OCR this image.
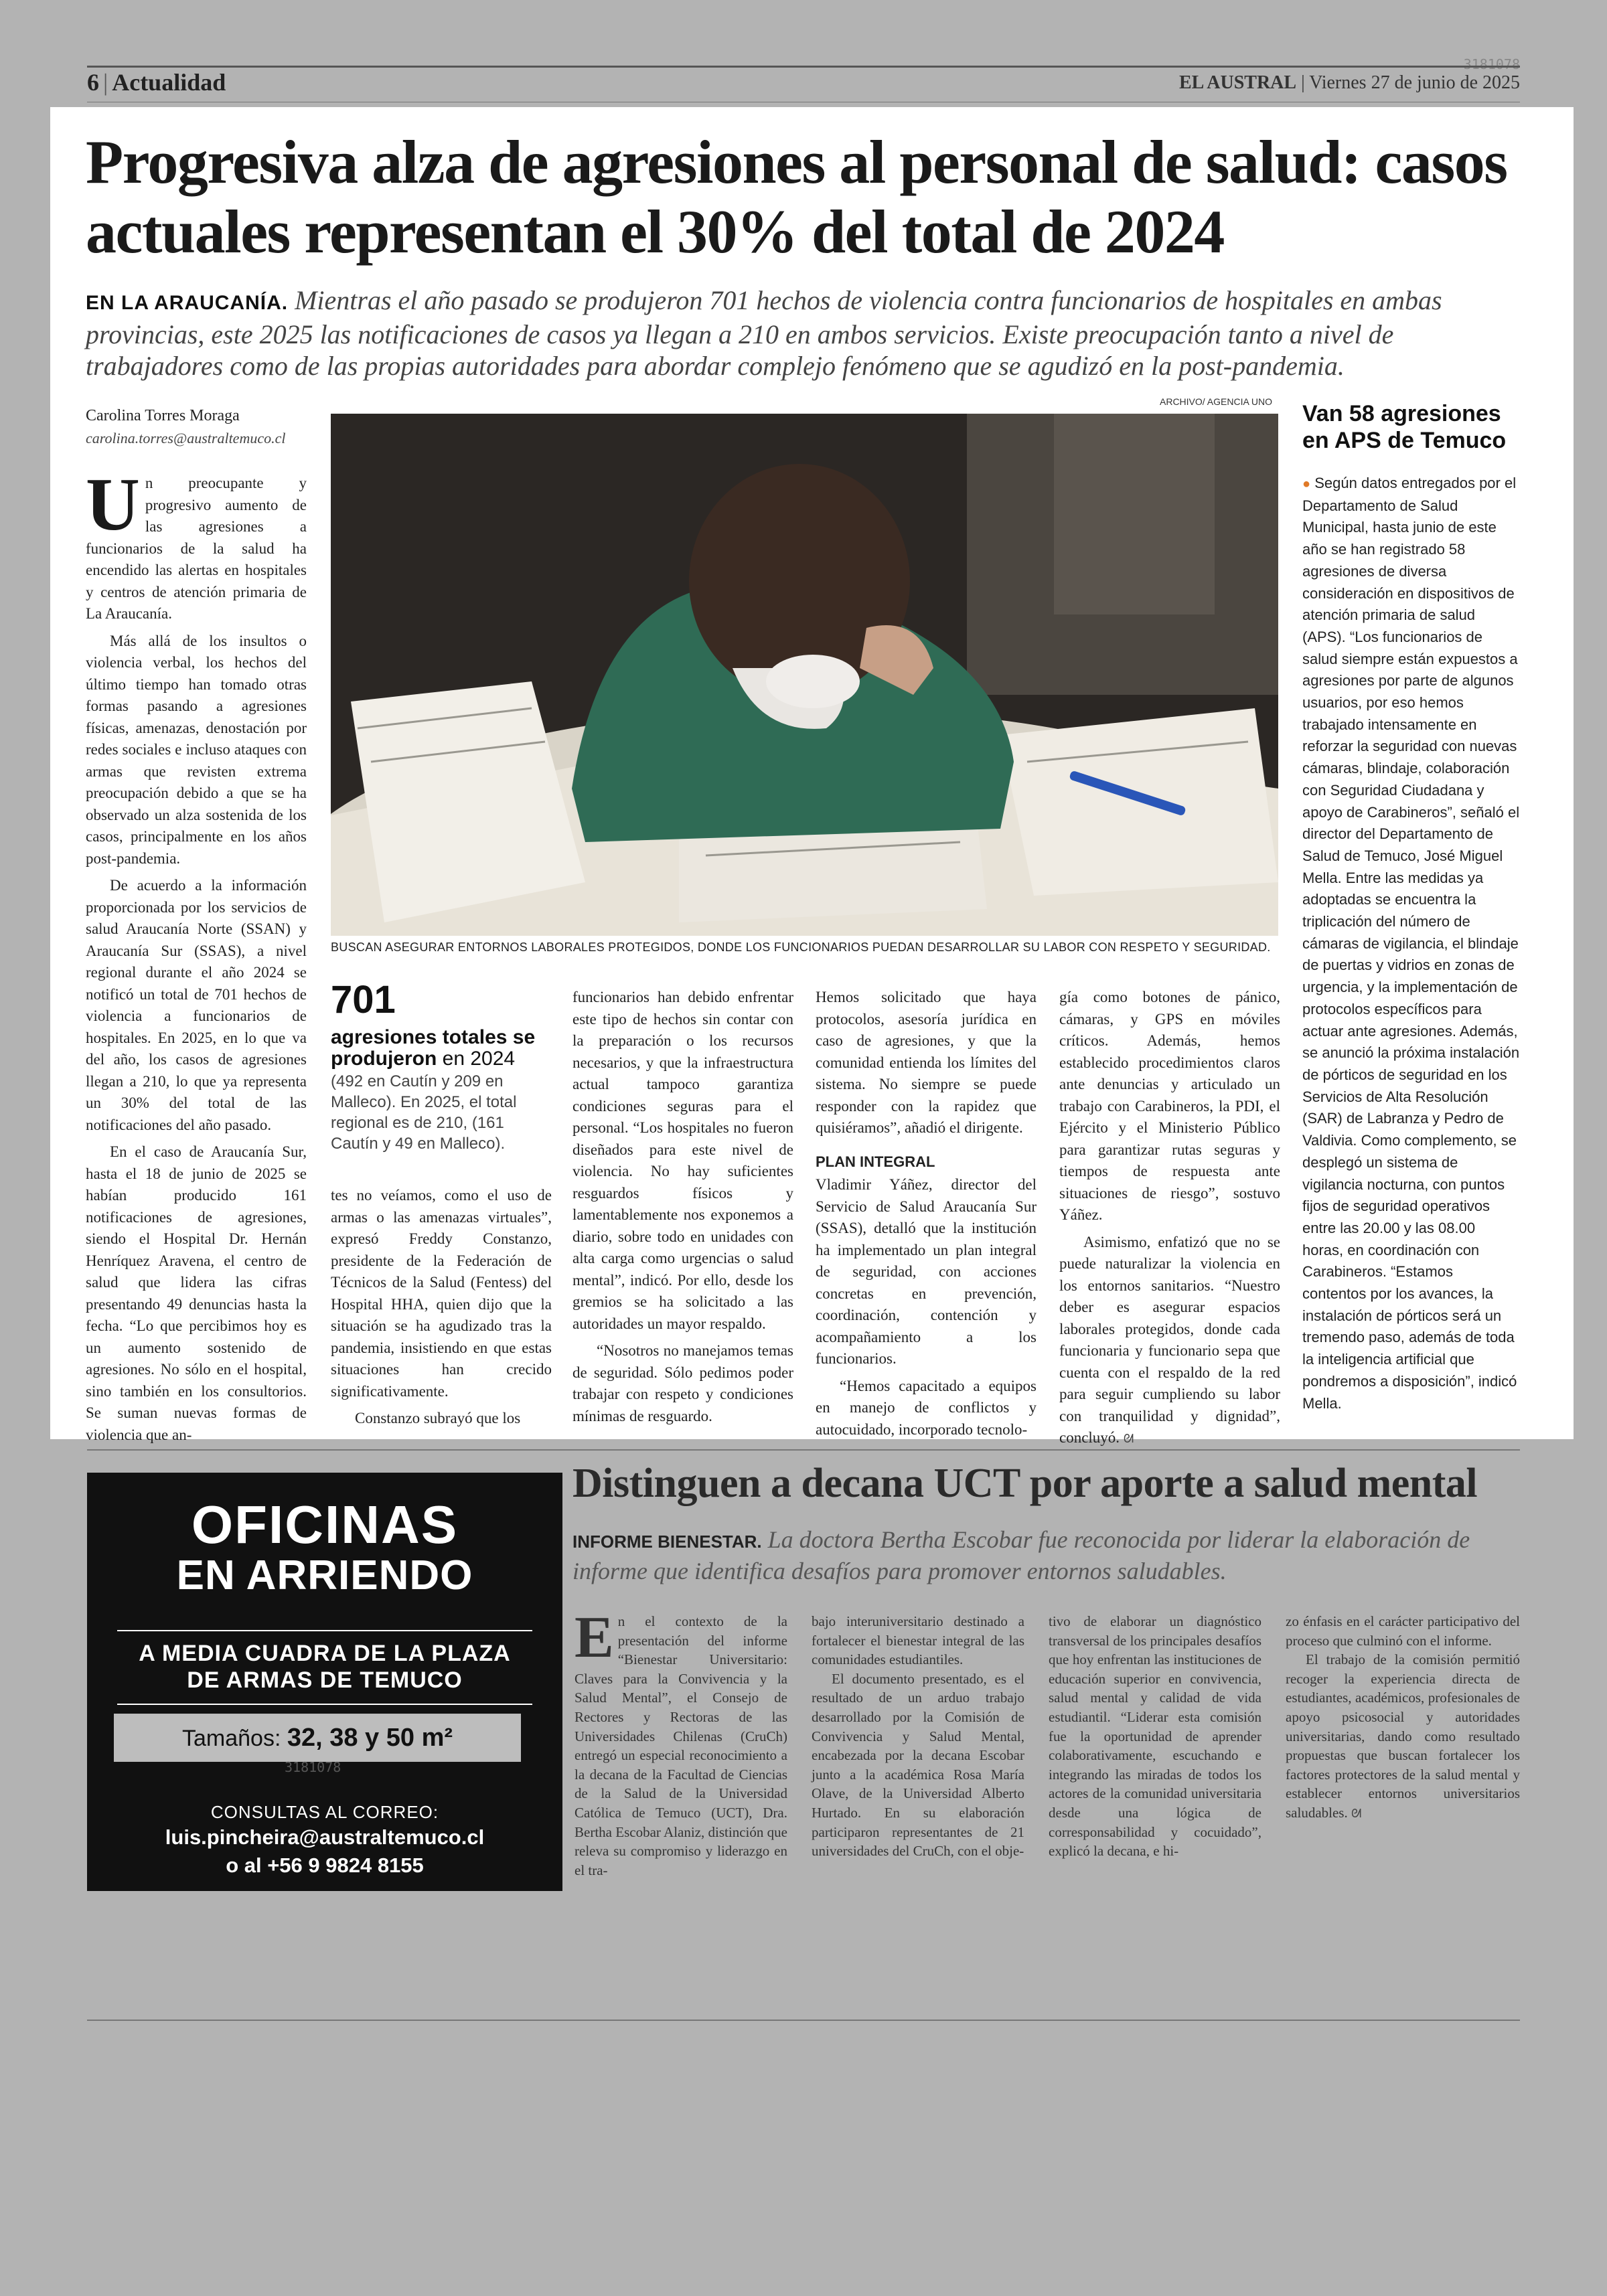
3181078
6 | Actualidad	EL AUSTRAL | Viernes 27 de junio de 2025
Progresiva alza de agresiones al personal de salud: casos actuales representan el 30% del total de 2024
EN LA ARAUCANÍA. Mientras el año pasado se produjeron 701 hechos de violencia contra funcionarios de hospitales en ambas provincias, este 2025 las notificaciones de casos ya llegan a 210 en ambos servicios. Existe preocupación tanto a nivel de trabajadores como de las propias autoridades para abordar complejo fenómeno que se agudizó en la post-pandemia.
Carolina Torres Moraga
carolina.torres@australtemuco.cl

Un preocupante y progresivo aumento de las agresiones a funcionarios de la salud ha encendido las alertas en hospitales y centros de atención primaria de La Araucanía.

Más allá de los insultos o violencia verbal, los hechos del último tiempo han tomado otras formas pasando a agresiones físicas, amenazas, denostación por redes sociales e incluso ataques con armas que revisten extrema preocupación debido a que se ha observado un alza sostenida de los casos, principalmente en los años post-pandemia.

De acuerdo a la información proporcionada por los servicios de salud Araucanía Norte (SSAN) y Araucanía Sur (SSAS), a nivel regional durante el año 2024 se notificó un total de 701 hechos de violencia a funcionarios de hospitales. En 2025, en lo que va del año, los casos de agresiones llegan a 210, lo que ya representa un 30% del total de las notificaciones del año pasado.

En el caso de Araucanía Sur, hasta el 18 de junio de 2025 se habían producido 161 notificaciones de agresiones, siendo el Hospital Dr. Hernán Henríquez Aravena, el centro de salud que lidera las cifras presentando 49 denuncias hasta la fecha. “Lo que percibimos hoy es un aumento sostenido de agresiones. No sólo en el hospital, sino también en los consultorios. Se suman nuevas formas de violencia que an-

ARCHIVO/ AGENCIA UNO
BUSCAN ASEGURAR ENTORNOS LABORALES PROTEGIDOS, DONDE LOS FUNCIONARIOS PUEDAN DESARROLLAR SU LABOR CON RESPETO Y SEGURIDAD.
Van 58 agresiones en APS de Temuco
● Según datos entregados por el Departamento de Salud Municipal, hasta junio de este año se han registrado 58 agresiones de diversa consideración en dispositivos de atención primaria de salud (APS). “Los funcionarios de salud siempre están expuestos a agresiones por parte de algunos usuarios, por eso hemos trabajado intensamente en reforzar la seguridad con nuevas cámaras, blindaje, colaboración con Seguridad Ciudadana y apoyo de Carabineros”, señaló el director del Departamento de Salud de Temuco, José Miguel Mella. Entre las medidas ya adoptadas se encuentra la triplicación del número de cámaras de vigilancia, el blindaje de puertas y vidrios en zonas de urgencia, y la implementación de protocolos específicos para actuar ante agresiones. Además, se anunció la próxima instalación de pórticos de seguridad en los Servicios de Alta Resolución (SAR) de Labranza y Pedro de Valdivia. Como complemento, se desplegó un sistema de vigilancia nocturna, con puntos fijos de seguridad operativos entre las 20.00 y las 08.00 horas, en coordinación con Carabineros. “Estamos contentos por los avances, la instalación de pórticos será un tremendo paso, además de toda la inteligencia artificial que pondremos a disposición”, indicó Mella.
701
agresiones totales se produjeron en 2024
(492 en Cautín y 209 en Malleco). En 2025, el total regional es de 210, (161 Cautín y 49 en Malleco).

funcionarios han debido enfrentar este tipo de hechos sin contar con la preparación o los recursos necesarios, y que la infraestructura actual tampoco garantiza condiciones seguras para el personal. “Los hospitales no fueron diseñados para este nivel de violencia. No hay suficientes resguardos físicos y lamentablemente nos exponemos a diario, sobre todo en unidades con alta carga como urgencias o salud mental”, indicó. Por ello, desde los gremios se ha solicitado a las autoridades un mayor respaldo.

“Nosotros no manejamos temas de seguridad. Sólo pedimos poder trabajar con respeto y condiciones mínimas de resguardo.

Hemos solicitado que haya protocolos, asesoría jurídica en caso de agresiones, y que la comunidad entienda los límites del sistema. No siempre se puede responder con la rapidez que quisiéramos”, añadió el dirigente.

PLAN INTEGRAL

Vladimir Yáñez, director del Servicio de Salud Araucanía Sur (SSAS), detalló que la institución ha implementado un plan integral de seguridad, con acciones concretas en prevención, coordinación, contención y acompañamiento a los funcionarios.

“Hemos capacitado a equipos en manejo de conflictos y autocuidado, incorporado tecnolo-

gía como botones de pánico, cámaras, y GPS en móviles críticos. Además, hemos establecido procedimientos claros ante denuncias y articulado un trabajo con Carabineros, la PDI, el Ejército y el Ministerio Público para garantizar rutas seguras y tiempos de respuesta ante situaciones de riesgo”, sostuvo Yáñez.

Asimismo, enfatizó que no se puede naturalizar la violencia en los entornos sanitarios. “Nuestro deber es asegurar espacios laborales protegidos, donde cada funcionaria y funcionario sepa que cuenta con el respaldo de la red para seguir cumpliendo su labor con tranquilidad y dignidad”, concluyó. ᘛ

tes no veíamos, como el uso de armas o las amenazas virtuales”, expresó Freddy Constanzo, presidente de la Federación de Técnicos de la Salud (Fentess) del Hospital HHA, quien dijo que la situación se ha agudizado tras la pandemia, insistiendo en que estas situaciones han crecido significativamente.

Constanzo subrayó que los

OFICINAS
EN ARRIENDO
A MEDIA CUADRA DE LA PLAZA
DE ARMAS DE TEMUCO
Tamaños: 32, 38 y 50 m²
3181078
CONSULTAS AL CORREO:
luis.pincheira@australtemuco.cl
o al +56 9 9824 8155
Distinguen a decana UCT por aporte a salud mental
INFORME BIENESTAR. La doctora Bertha Escobar fue reconocida por liderar la elaboración de informe que identifica desafíos para promover entornos saludables.

En el contexto de la presentación del informe “Bienestar Universitario: Claves para la Convivencia y la Salud Mental”, el Consejo de Rectores y Rectoras de las Universidades Chilenas (CruCh) entregó un especial reconocimiento a la decana de la Facultad de Ciencias de la Salud de la Universidad Católica de Temuco (UCT), Dra. Bertha Escobar Alaniz, distinción que releva su compromiso y liderazgo en el tra-

bajo interuniversitario destinado a fortalecer el bienestar integral de las comunidades estudiantiles.

El documento presentado, es el resultado de un arduo trabajo desarrollado por la Comisión de Convivencia y Salud Mental, encabezada por la decana Escobar junto a la académica Rosa María Olave, de la Universidad Alberto Hurtado. En su elaboración participaron representantes de 21 universidades del CruCh, con el obje-

tivo de elaborar un diagnóstico transversal de los principales desafíos que hoy enfrentan las instituciones de educación superior en convivencia, salud mental y calidad de vida estudiantil. “Liderar esta comisión fue la oportunidad de aprender colaborativamente, escuchando e integrando las miradas de todos los actores de la comunidad universitaria desde una lógica de corresponsabilidad y cocuidado”, explicó la decana, e hi-

zo énfasis en el carácter participativo del proceso que culminó con el informe.

El trabajo de la comisión permitió recoger la experiencia directa de estudiantes, académicos, profesionales de apoyo psicosocial y autoridades universitarias, dando como resultado propuestas que buscan fortalecer los factores protectores de la salud mental y establecer entornos universitarios saludables. ᘛ
